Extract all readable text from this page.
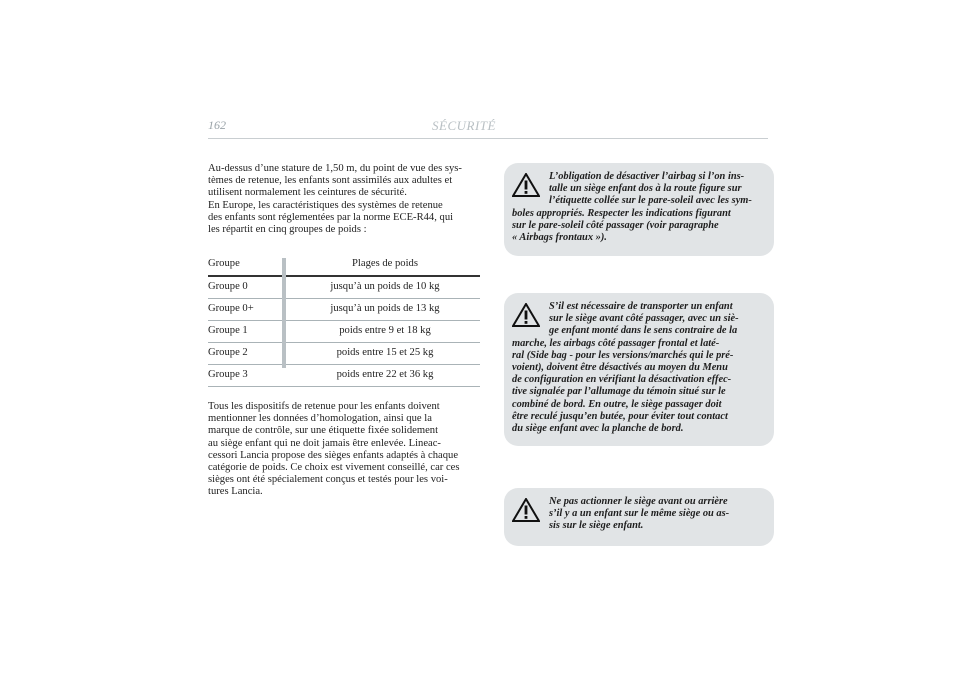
162	SÉCURITÉ
Au-dessus d’une stature de 1,50 m, du point de vue des sys-
tèmes de retenue, les enfants sont assimilés aux adultes et
utilisent normalement les ceintures de sécurité.
En Europe, les caractéristiques des systèmes de retenue
des enfants sont réglementées par la norme ECE-R44, qui
les répartit en cinq groupes de poids :
Groupe	Plages de poids
Groupe 0	jusqu’à un poids de 10 kg
Groupe 0+	jusqu’à un poids de 13 kg
Groupe 1	poids entre 9 et 18 kg
Groupe 2	poids entre 15 et 25 kg
Groupe 3	poids entre 22 et 36 kg
Tous les dispositifs de retenue pour les enfants doivent
mentionner les données d’homologation, ainsi que la
marque de contrôle, sur une étiquette fixée solidement
au siège enfant qui ne doit jamais être enlevée. Lineac-
cessori Lancia propose des sièges enfants adaptés à chaque
catégorie de poids. Ce choix est vivement conseillé, car ces
sièges ont été spécialement conçus et testés pour les voi-
tures Lancia.
L’obligation de désactiver l’airbag si l’on ins-
talle un siège enfant dos à la route figure sur
l’étiquette collée sur le pare-soleil avec les sym-
boles appropriés. Respecter les indications figurant
sur le pare-soleil côté passager (voir paragraphe
« Airbags frontaux »).
S’il est nécessaire de transporter un enfant
sur le siège avant côté passager, avec un siè-
ge enfant monté dans le sens contraire de la
marche, les airbags côté passager frontal et laté-
ral (Side bag - pour les versions/marchés qui le pré-
voient), doivent être désactivés au moyen du Menu
de configuration en vérifiant la désactivation effec-
tive signalée par l’allumage du témoin situé sur le
combiné de bord. En outre, le siège passager doit
être reculé jusqu’en butée, pour éviter tout contact
du siège enfant avec la planche de bord.
Ne pas actionner le siège avant ou arrière
s’il y a un enfant sur le même siège ou as-
sis sur le siège enfant.
